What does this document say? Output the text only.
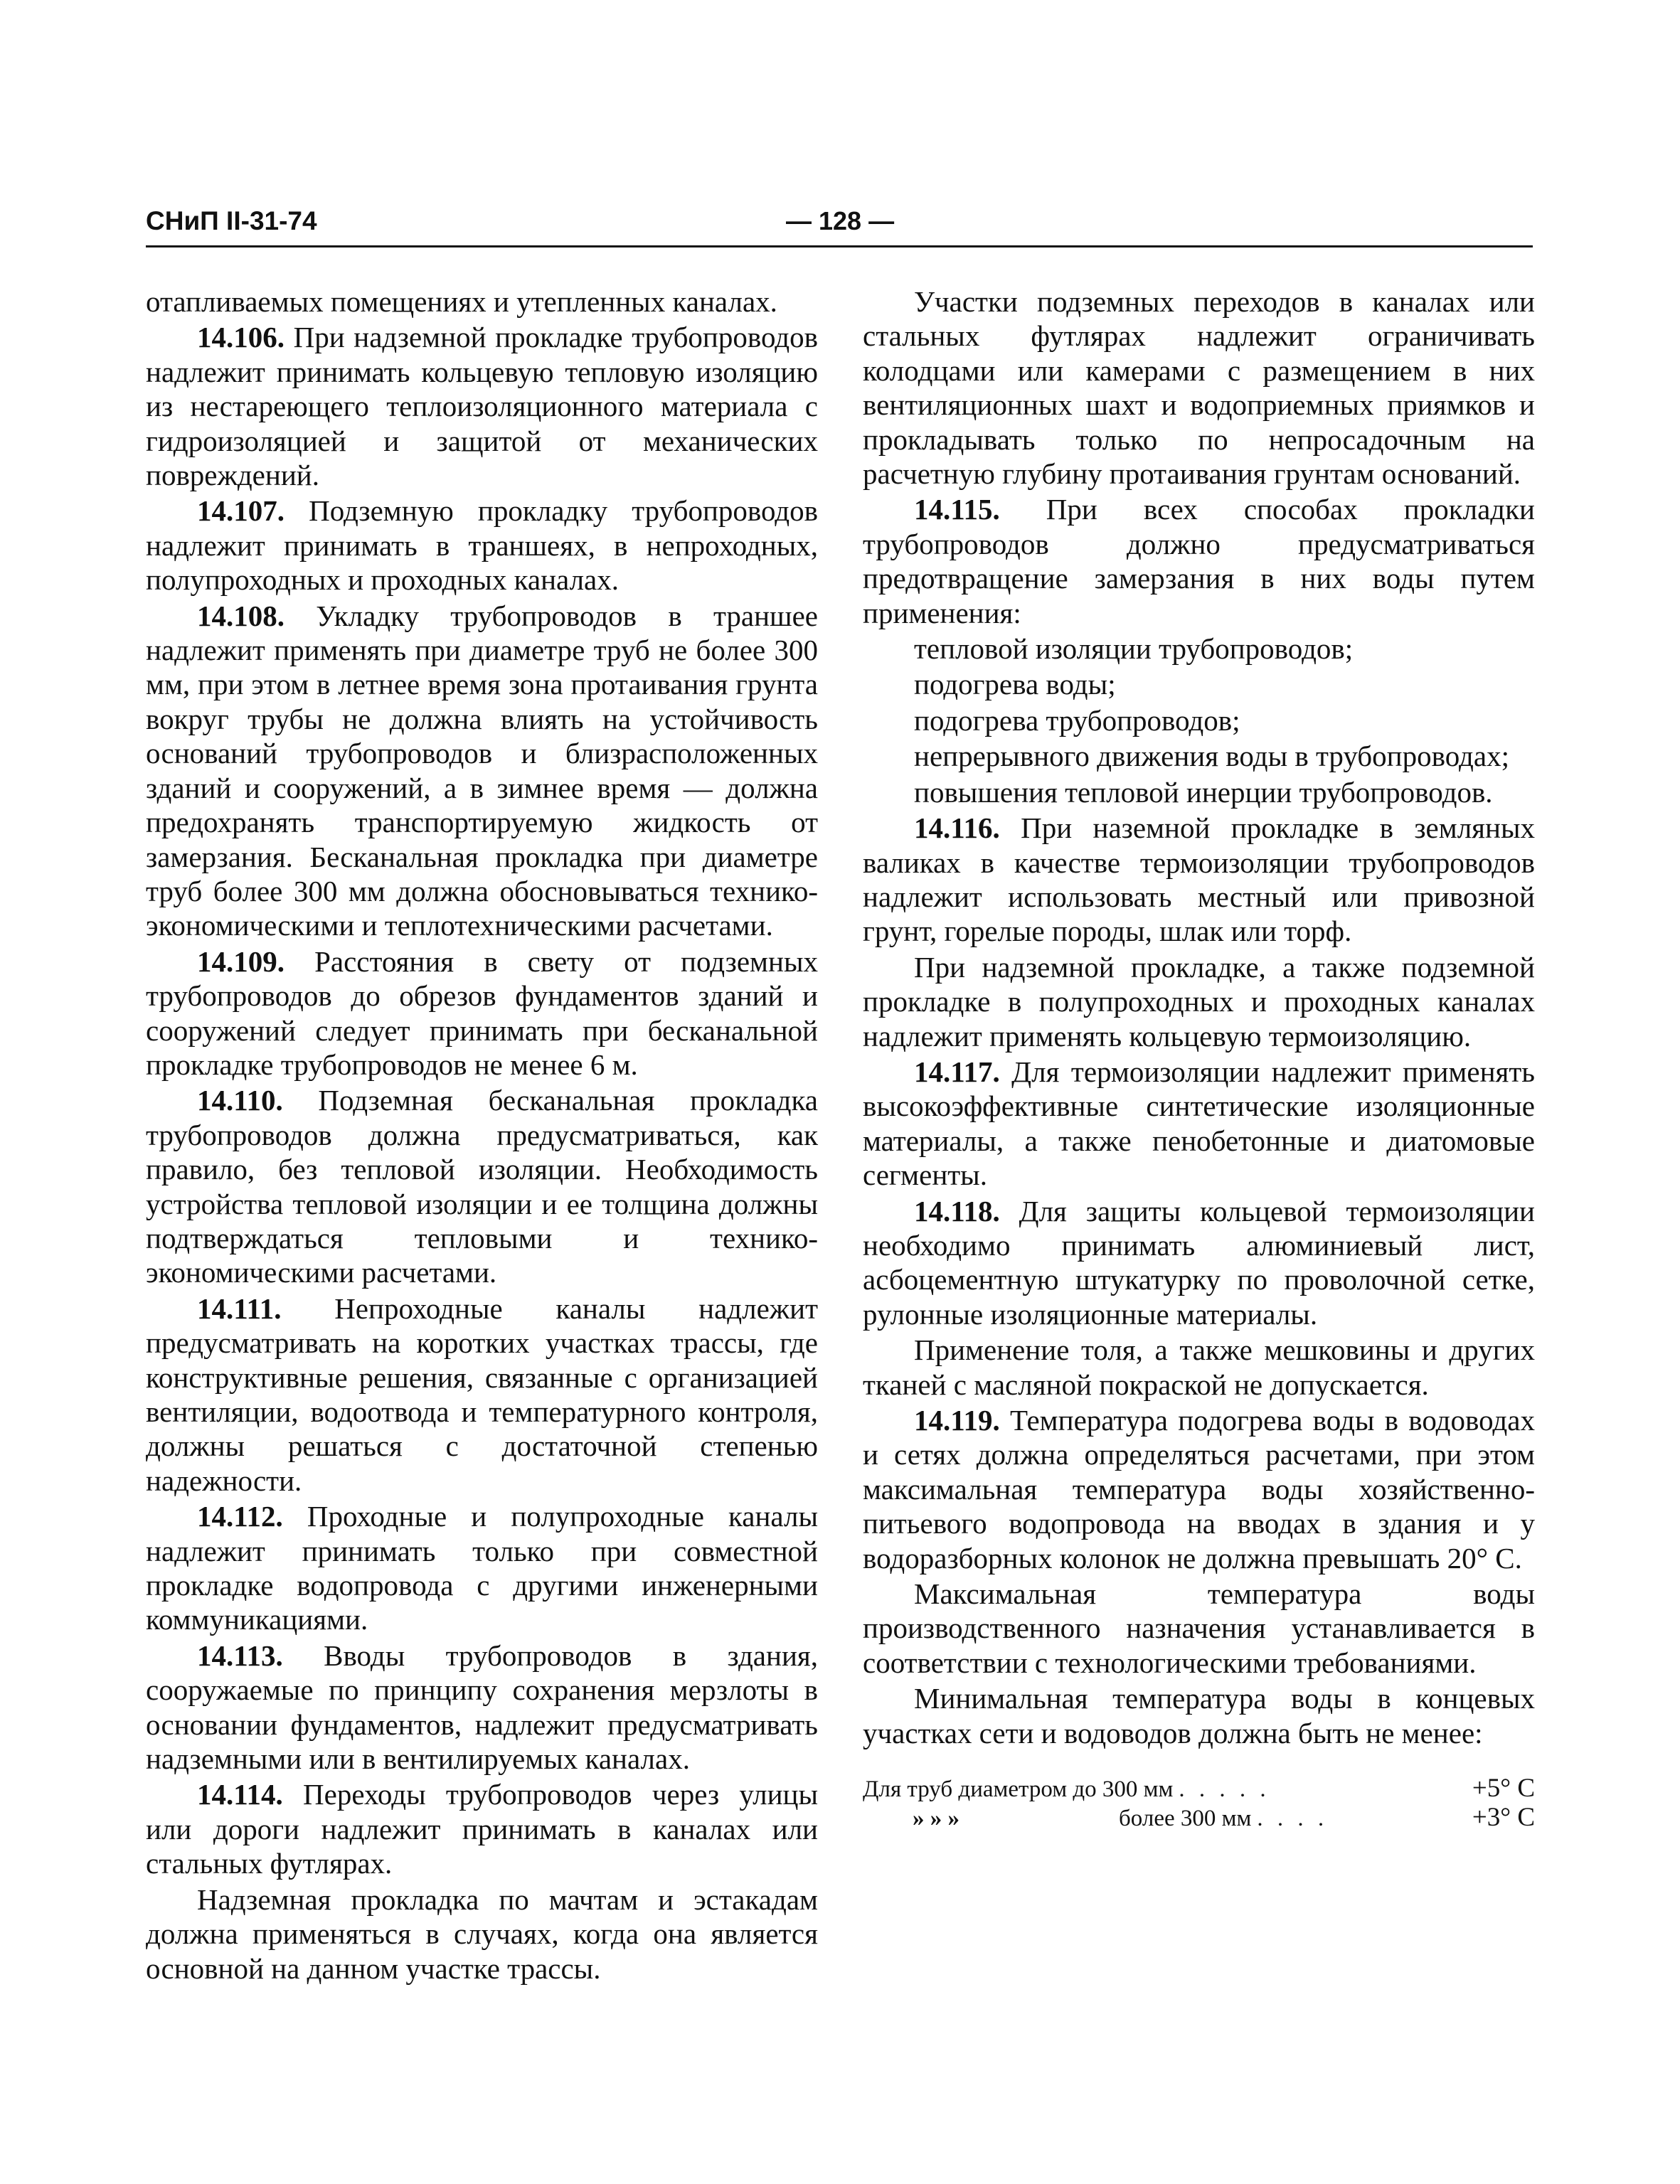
СНиП II-31-74	— 128 —

отапливаемых помещениях и утепленных каналах.

14.106. При надземной прокладке трубопроводов надлежит принимать кольцевую тепловую изоляцию из нестареющего теплоизоляционного материала с гидроизоляцией и защитой от механических повреждений.

14.107. Подземную прокладку трубопроводов надлежит принимать в траншеях, в непроходных, полупроходных и проходных каналах.

14.108. Укладку трубопроводов в траншее надлежит применять при диаметре труб не более 300 мм, при этом в летнее время зона протаивания грунта вокруг трубы не должна влиять на устойчивость оснований трубопроводов и близрасположенных зданий и сооружений, а в зимнее время — должна предохранять транспортируемую жидкость от замерзания. Бесканальная прокладка при диаметре труб более 300 мм должна обосновываться технико-экономическими и теплотехническими расчетами.

14.109. Расстояния в свету от подземных трубопроводов до обрезов фундаментов зданий и сооружений следует принимать при бесканальной прокладке трубопроводов не менее 6 м.

14.110. Подземная бесканальная прокладка трубопроводов должна предусматриваться, как правило, без тепловой изоляции. Необходимость устройства тепловой изоляции и ее толщина должны подтверждаться тепловыми и технико-экономическими расчетами.

14.111. Непроходные каналы надлежит предусматривать на коротких участках трассы, где конструктивные решения, связанные с организацией вентиляции, водоотвода и температурного контроля, должны решаться с достаточной степенью надежности.

14.112. Проходные и полупроходные каналы надлежит принимать только при совместной прокладке водопровода с другими инженерными коммуникациями.

14.113. Вводы трубопроводов в здания, сооружаемые по принципу сохранения мерзлоты в основании фундаментов, надлежит предусматривать надземными или в вентилируемых каналах.

14.114. Переходы трубопроводов через улицы или дороги надлежит принимать в каналах или стальных футлярах.

Надземная прокладка по мачтам и эстакадам должна применяться в случаях, когда она является основной на данном участке трассы.

Участки подземных переходов в каналах или стальных футлярах надлежит ограничивать колодцами или камерами с размещением в них вентиляционных шахт и водоприемных приямков и прокладывать только по непросадочным на расчетную глубину протаивания грунтам оснований.

14.115. При всех способах прокладки трубопроводов должно предусматриваться предотвращение замерзания в них воды путем применения:

тепловой изоляции трубопроводов;

подогрева воды;

подогрева трубопроводов;

непрерывного движения воды в трубопроводах;

повышения тепловой инерции трубопроводов.

14.116. При наземной прокладке в земляных валиках в качестве термоизоляции трубопроводов надлежит использовать местный или привозной грунт, горелые породы, шлак или торф.

При надземной прокладке, а также подземной прокладке в полупроходных и проходных каналах надлежит применять кольцевую термоизоляцию.

14.117. Для термоизоляции надлежит применять высокоэффективные синтетические изоляционные материалы, а также пенобетонные и диатомовые сегменты.

14.118. Для защиты кольцевой термоизоляции необходимо принимать алюминиевый лист, асбоцементную штукатурку по проволочной сетке, рулонные изоляционные материалы.

Применение толя, а также мешковины и других тканей с масляной покраской не допускается.

14.119. Температура подогрева воды в водоводах и сетях должна определяться расчетами, при этом максимальная температура воды хозяйственно-питьевого водопровода на вводах в здания и у водоразборных колонок не должна превышать 20° С.

Максимальная температура воды производственного назначения устанавливается в соответствии с технологическими требованиями.

Минимальная температура воды в концевых участках сети и водоводов должна быть не менее:

Для труб диаметром до 300 мм . . . . .	+5° С
» » »	более 300 мм . . . .	+3° С
